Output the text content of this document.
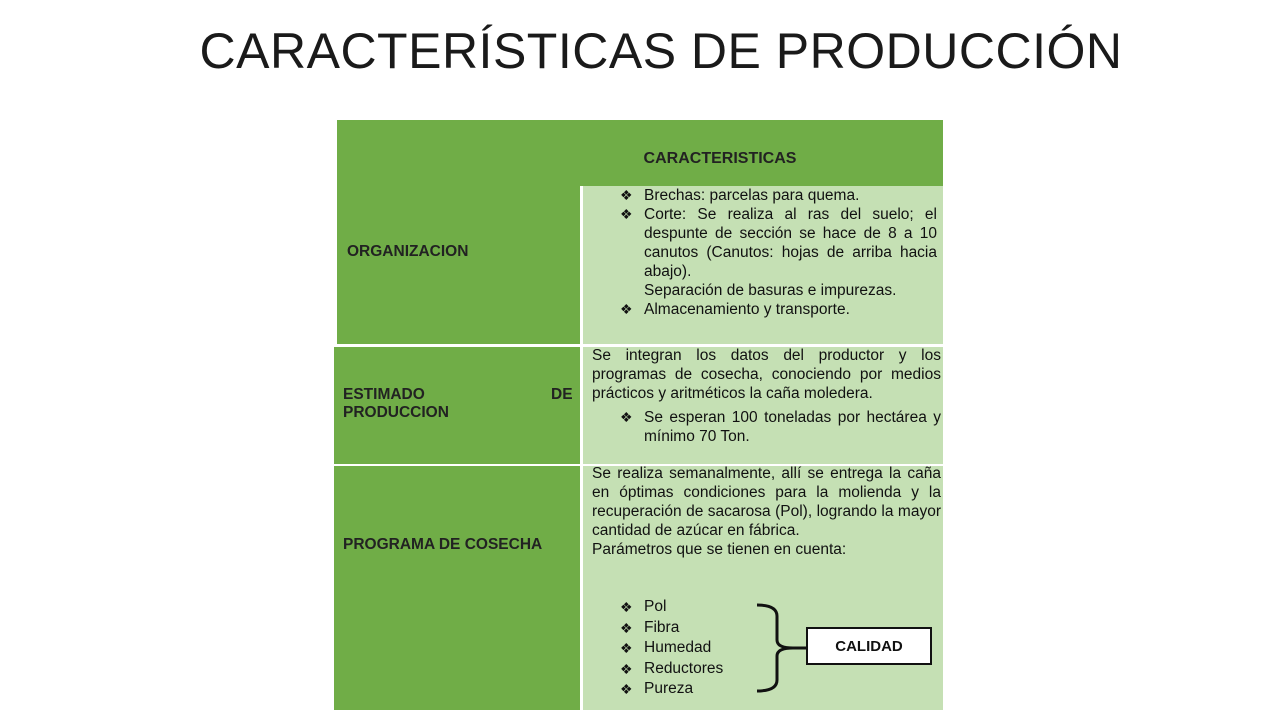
CARACTERÍSTICAS DE PRODUCCIÓN
CARACTERISTICAS
ORGANIZACION
❖ Brechas: parcelas para quema.
❖ Corte: Se realiza al ras del suelo; el despunte de sección se hace de 8 a 10 canutos (Canutos: hojas de arriba hacia abajo).
Separación de basuras e impurezas.
❖ Almacenamiento y transporte.
ESTIMADO	DE
PRODUCCION
Se integran los datos del productor y los programas de cosecha, conociendo por medios prácticos y aritméticos la caña moledera.
❖ Se esperan 100 toneladas por hectárea y mínimo 70 Ton.
PROGRAMA DE COSECHA
Se realiza semanalmente, allí se entrega la caña en óptimas condiciones para la molienda y la recuperación de sacarosa (Pol), logrando la mayor cantidad de azúcar en fábrica.
Parámetros que se tienen en cuenta:
❖ Pol
❖ Fibra
❖ Humedad
❖ Reductores
❖ Pureza
CALIDAD
